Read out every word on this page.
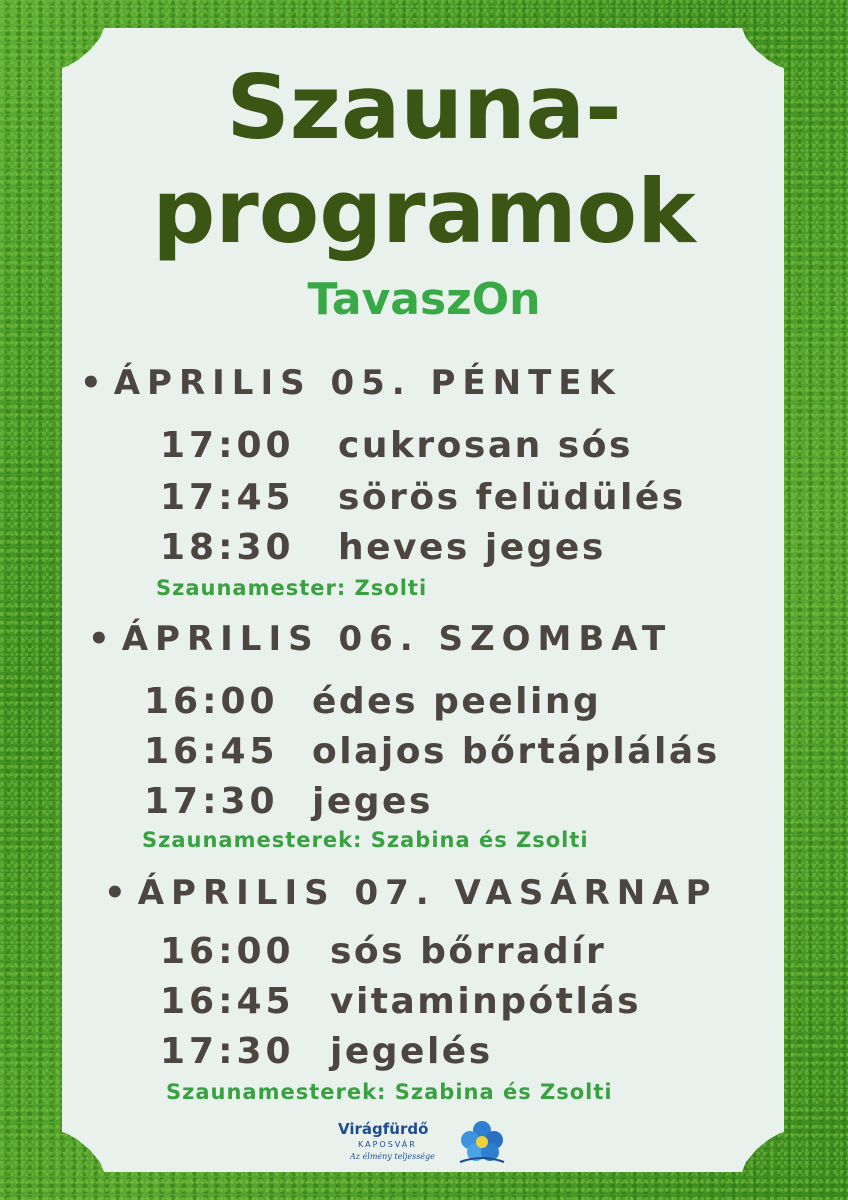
Szauna-
programok
TavaszOn
• ÁPRILIS 05. PÉNTEK
17:00 cukrosan sós
17:45 sörös felüdülés
18:30 heves jeges
Szaunamester: Zsolti
• ÁPRILIS 06. SZOMBAT
16:00 édes peeling
16:45 olajos bőrtáplálás
17:30 jeges
Szaunamesterek: Szabina és Zsolti
• ÁPRILIS 07. VASÁRNAP
16:00 sós bőrradír
16:45 vitaminpótlás
17:30 jegelés
Szaunamesterek: Szabina és Zsolti
Virágfürdő
KAPOSVÁR
Az élmény teljessége
